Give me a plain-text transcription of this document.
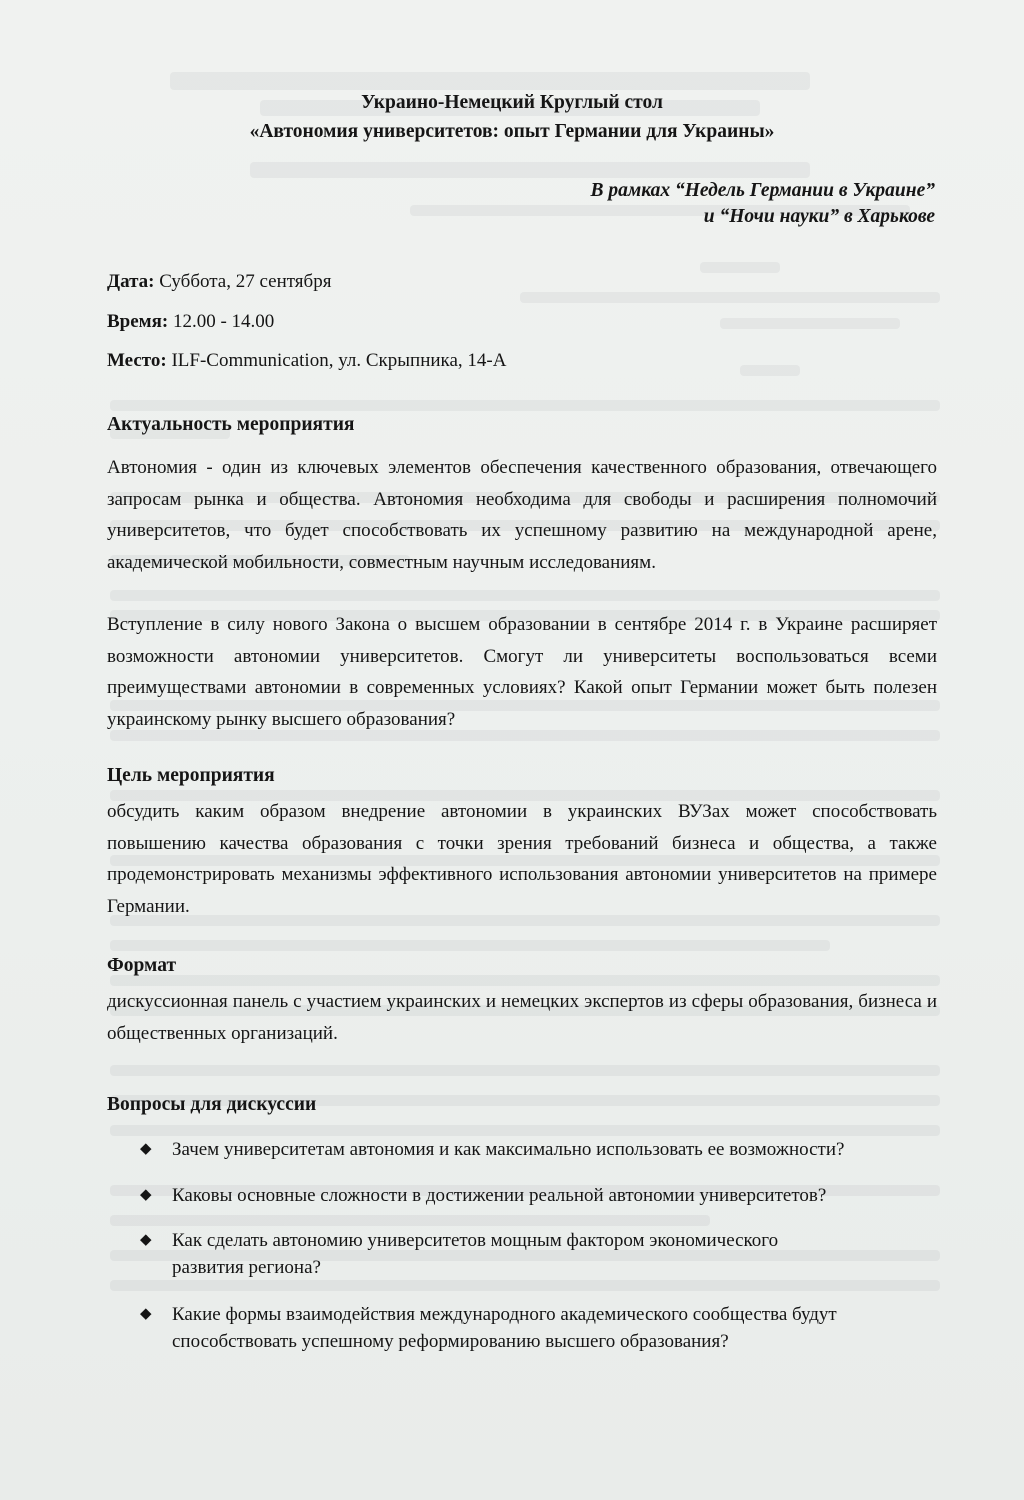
Украино-Немецкий Круглый стол
«Автономия университетов: опыт Германии для Украины»
В рамках “Недель Германии в Украине”
и “Ночи науки” в Харькове
Дата: Суббота, 27 сентября
Время: 12.00 - 14.00
Место: ILF-Communication, ул. Скрыпника, 14-А
Актуальность мероприятия
Автономия - один из ключевых элементов обеспечения качественного образования, отвечающего запросам рынка и общества. Автономия необходима для свободы и расширения полномочий университетов, что будет способствовать их успешному развитию на международной арене, академической мобильности, совместным научным исследованиям.
Вступление в силу нового Закона о высшем образовании в сентябре 2014 г. в Украине расширяет возможности автономии университетов. Смогут ли университеты воспользоваться всеми преимуществами автономии в современных условиях? Какой опыт Германии может быть полезен украинскому рынку высшего образования?
Цель мероприятия
обсудить каким образом внедрение автономии в украинских ВУЗах может способствовать повышению качества образования с точки зрения требований бизнеса и общества, а также продемонстрировать механизмы эффективного использования автономии университетов на примере Германии.
Формат
дискуссионная панель с участием украинских и немецких экспертов из сферы образования, бизнеса и общественных организаций.
Вопросы для дискуссии
◆	Зачем университетам автономия и как максимально использовать ее возможности?
◆	Каковы основные сложности в достижении реальной автономии университетов?
◆	Как сделать автономию университетов мощным фактором экономического развития региона?
◆	Какие формы взаимодействия международного академического сообщества будут способствовать успешному реформированию высшего образования?
